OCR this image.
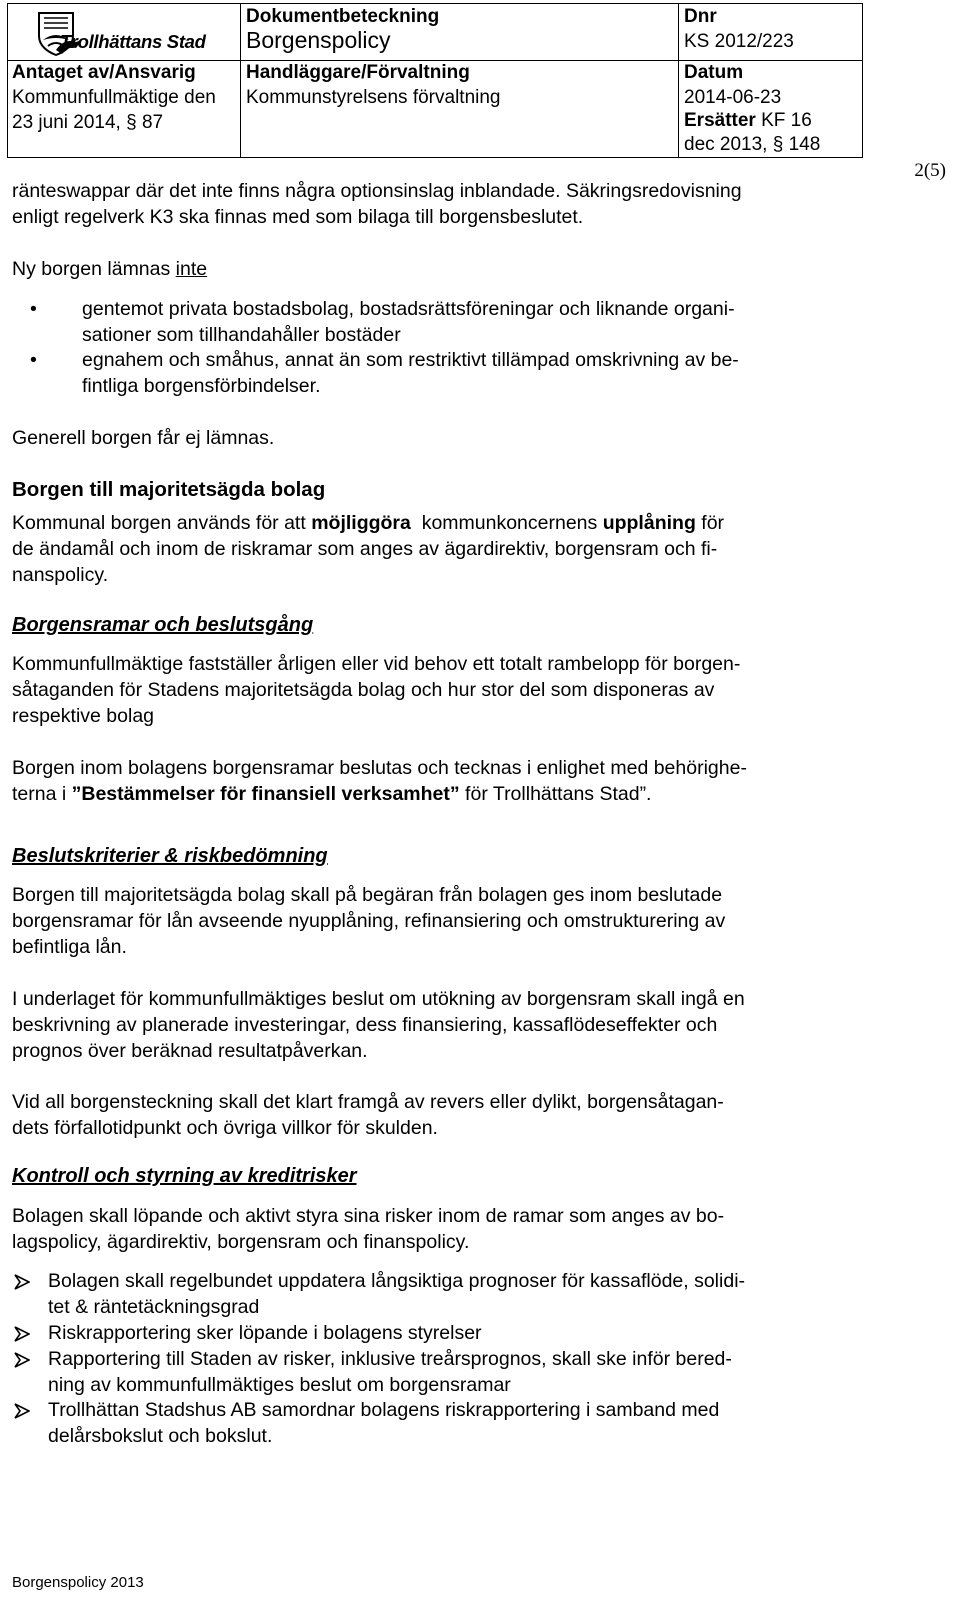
Trollhättans Stad
Dokumentbeteckning
Borgenspolicy
Dnr
KS 2012/223
Antaget av/Ansvarig
Kommunfullmäktige den
23 juni 2014, § 87
Handläggare/Förvaltning
Kommunstyrelsens förvaltning
Datum
2014-06-23
Ersätter KF 16
dec 2013, § 148
2(5)
ränteswappar där det inte finns några optionsinslag inblandade. Säkringsredovisning
enligt regelverk K3 ska finnas med som bilaga till borgensbeslutet.
Ny borgen lämnas inte
• gentemot privata bostadsbolag, bostadsrättsföreningar och liknande organi-
sationer som tillhandahåller bostäder
• egnahem och småhus, annat än som restriktivt tillämpad omskrivning av be-
fintliga borgensförbindelser.
Generell borgen får ej lämnas.
Borgen till majoritetsägda bolag
Kommunal borgen används för att möjliggöra  kommunkoncernens upplåning för
de ändamål och inom de riskramar som anges av ägardirektiv, borgensram och fi-
nanspolicy.
Borgensramar och beslutsgång
Kommunfullmäktige fastställer årligen eller vid behov ett totalt rambelopp för borgen-
såtaganden för Stadens majoritetsägda bolag och hur stor del som disponeras av
respektive bolag
Borgen inom bolagens borgensramar beslutas och tecknas i enlighet med behörighe-
terna i ”Bestämmelser för finansiell verksamhet” för Trollhättans Stad”.
Beslutskriterier & riskbedömning
Borgen till majoritetsägda bolag skall på begäran från bolagen ges inom beslutade
borgensramar för lån avseende nyupplåning, refinansiering och omstrukturering av
befintliga lån.
I underlaget för kommunfullmäktiges beslut om utökning av borgensram skall ingå en
beskrivning av planerade investeringar, dess finansiering, kassaflödeseffekter och
prognos över beräknad resultatpåverkan.
Vid all borgensteckning skall det klart framgå av revers eller dylikt, borgensåtagan-
dets förfallotidpunkt och övriga villkor för skulden.
Kontroll och styrning av kreditrisker
Bolagen skall löpande och aktivt styra sina risker inom de ramar som anges av bo-
lagspolicy, ägardirektiv, borgensram och finanspolicy.
Bolagen skall regelbundet uppdatera långsiktiga prognoser för kassaflöde, solidi-
tet & räntetäckningsgrad
Riskrapportering sker löpande i bolagens styrelser
Rapportering till Staden av risker, inklusive treårsprognos, skall ske inför bered-
ning av kommunfullmäktiges beslut om borgensramar
Trollhättan Stadshus AB samordnar bolagens riskrapportering i samband med
delårsbokslut och bokslut.
Borgenspolicy 2013
